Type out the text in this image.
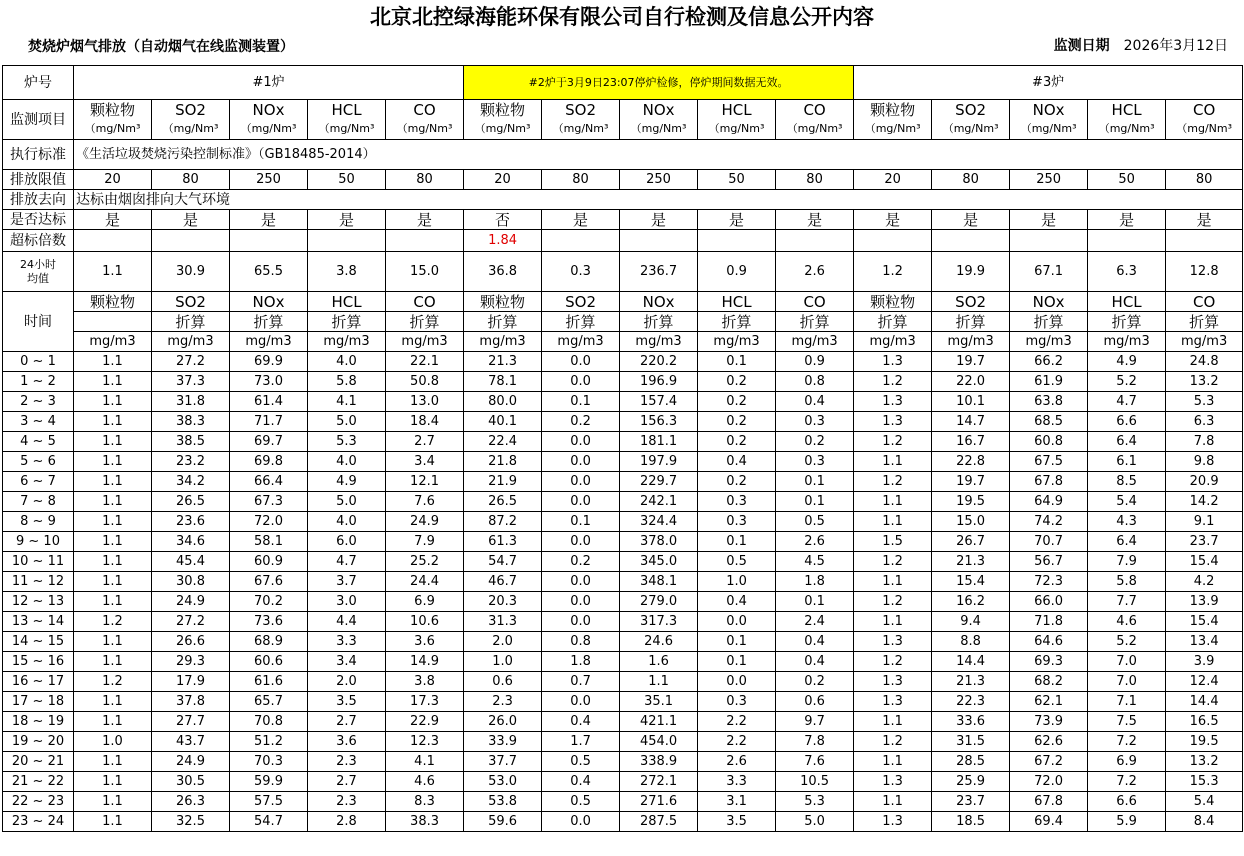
北京北控绿海能环保有限公司自行检测及信息公开内容
焚烧炉烟气排放（自动烟气在线监测装置）	监测日期 2026年3月12日
炉号	#1炉					#2炉于3月9日23:07停炉检修，停炉期间数据无效。					#3炉				
监测项目	颗粒物	SO2	NOx	HCL	CO	颗粒物	SO2	NOx	HCL	CO	颗粒物	SO2	NOx	HCL	CO
	（mg/Nm³	（mg/Nm³	（mg/Nm³	（mg/Nm³	（mg/Nm³	（mg/Nm³	（mg/Nm³	（mg/Nm³	（mg/Nm³	（mg/Nm³	（mg/Nm³	（mg/Nm³	（mg/Nm³	（mg/Nm³	（mg/Nm³
执行标准	《生活垃圾焚烧污染控制标准》（GB18485-2014）														
排放限值	20	80	250	50	80	20	80	250	50	80	20	80	250	50	80
排放去向	达标由烟囱排向大气环境														
是否达标	是	是	是	是	是	否	是	是	是	是	是	是	是	是	是
超标倍数						1.84									

24小时
均值	1.1	30.9	65.5	3.8	15.0	36.8	0.3	236.7	0.9	2.6	1.2	19.9	67.1	6.3	12.8
时间	颗粒物	SO2	NOx	HCL	CO	颗粒物	SO2	NOx	HCL	CO	颗粒物	SO2	NOx	HCL	CO
		折算	折算	折算	折算	折算	折算	折算	折算	折算	折算	折算	折算	折算	折算
	mg/m3	mg/m3	mg/m3	mg/m3	mg/m3	mg/m3	mg/m3	mg/m3	mg/m3	mg/m3	mg/m3	mg/m3	mg/m3	mg/m3	mg/m3
0 ~ 1	1.1	27.2	69.9	4.0	22.1	21.3	0.0	220.2	0.1	0.9	1.3	19.7	66.2	4.9	24.8
1 ~ 2	1.1	37.3	73.0	5.8	50.8	78.1	0.0	196.9	0.2	0.8	1.2	22.0	61.9	5.2	13.2
2 ~ 3	1.1	31.8	61.4	4.1	13.0	80.0	0.1	157.4	0.2	0.4	1.3	10.1	63.8	4.7	5.3
3 ~ 4	1.1	38.3	71.7	5.0	18.4	40.1	0.2	156.3	0.2	0.3	1.3	14.7	68.5	6.6	6.3
4 ~ 5	1.1	38.5	69.7	5.3	2.7	22.4	0.0	181.1	0.2	0.2	1.2	16.7	60.8	6.4	7.8
5 ~ 6	1.1	23.2	69.8	4.0	3.4	21.8	0.0	197.9	0.4	0.3	1.1	22.8	67.5	6.1	9.8
6 ~ 7	1.1	34.2	66.4	4.9	12.1	21.9	0.0	229.7	0.2	0.1	1.2	19.7	67.8	8.5	20.9
7 ~ 8	1.1	26.5	67.3	5.0	7.6	26.5	0.0	242.1	0.3	0.1	1.1	19.5	64.9	5.4	14.2
8 ~ 9	1.1	23.6	72.0	4.0	24.9	87.2	0.1	324.4	0.3	0.5	1.1	15.0	74.2	4.3	9.1
9 ~ 10	1.1	34.6	58.1	6.0	7.9	61.3	0.0	378.0	0.1	2.6	1.5	26.7	70.7	6.4	23.7
10 ~ 11	1.1	45.4	60.9	4.7	25.2	54.7	0.2	345.0	0.5	4.5	1.2	21.3	56.7	7.9	15.4
11 ~ 12	1.1	30.8	67.6	3.7	24.4	46.7	0.0	348.1	1.0	1.8	1.1	15.4	72.3	5.8	4.2
12 ~ 13	1.1	24.9	70.2	3.0	6.9	20.3	0.0	279.0	0.4	0.1	1.2	16.2	66.0	7.7	13.9
13 ~ 14	1.2	27.2	73.6	4.4	10.6	31.3	0.0	317.3	0.0	2.4	1.1	9.4	71.8	4.6	15.4
14 ~ 15	1.1	26.6	68.9	3.3	3.6	2.0	0.8	24.6	0.1	0.4	1.3	8.8	64.6	5.2	13.4
15 ~ 16	1.1	29.3	60.6	3.4	14.9	1.0	1.8	1.6	0.1	0.4	1.2	14.4	69.3	7.0	3.9
16 ~ 17	1.2	17.9	61.6	2.0	3.8	0.6	0.7	1.1	0.0	0.2	1.3	21.3	68.2	7.0	12.4
17 ~ 18	1.1	37.8	65.7	3.5	17.3	2.3	0.0	35.1	0.3	0.6	1.3	22.3	62.1	7.1	14.4
18 ~ 19	1.1	27.7	70.8	2.7	22.9	26.0	0.4	421.1	2.2	9.7	1.1	33.6	73.9	7.5	16.5
19 ~ 20	1.0	43.7	51.2	3.6	12.3	33.9	1.7	454.0	2.2	7.8	1.2	31.5	62.6	7.2	19.5
20 ~ 21	1.1	24.9	70.3	2.3	4.1	37.7	0.5	338.9	2.6	7.6	1.1	28.5	67.2	6.9	13.2
21 ~ 22	1.1	30.5	59.9	2.7	4.6	53.0	0.4	272.1	3.3	10.5	1.3	25.9	72.0	7.2	15.3
22 ~ 23	1.1	26.3	57.5	2.3	8.3	53.8	0.5	271.6	3.1	5.3	1.1	23.7	67.8	6.6	5.4
23 ~ 24	1.1	32.5	54.7	2.8	38.3	59.6	0.0	287.5	3.5	5.0	1.3	18.5	69.4	5.9	8.4
